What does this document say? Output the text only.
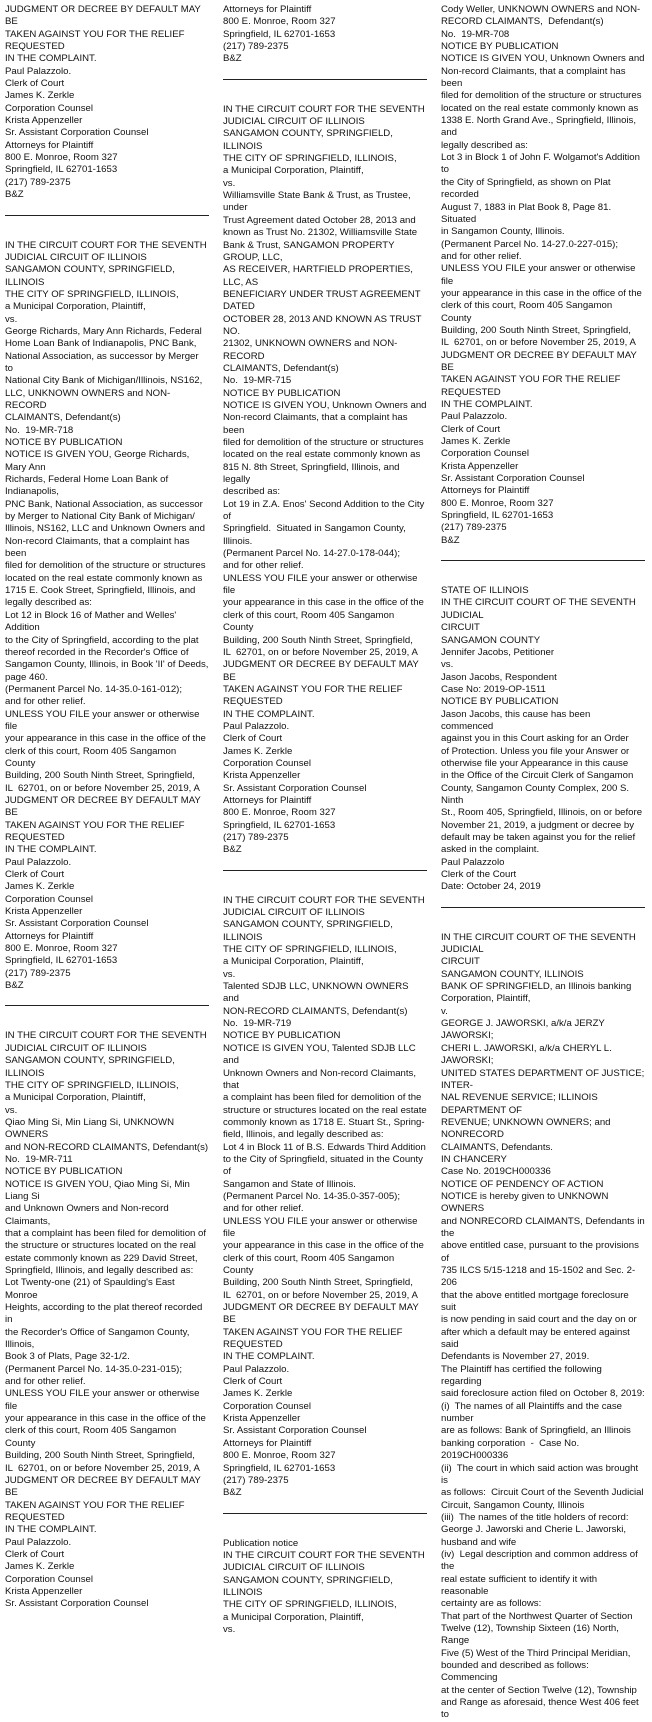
JUDGMENT OR DECREE BY DEFAULT MAY BE

TAKEN AGAINST YOU FOR THE RELIEF REQUESTED

IN THE COMPLAINT.

Paul Palazzolo.

Clerk of Court

James K. Zerkle

Corporation Counsel

Krista Appenzeller

Sr. Assistant Corporation Counsel

Attorneys for Plaintiff

800 E. Monroe, Room 327

Springfield, IL 62701-1653

(217) 789-2375

B&Z

IN THE CIRCUIT COURT FOR THE SEVENTH

JUDICIAL CIRCUIT OF ILLINOIS

SANGAMON COUNTY, SPRINGFIELD, ILLINOIS

THE CITY OF SPRINGFIELD, ILLINOIS,

a Municipal Corporation, Plaintiff,

vs.

George Richards, Mary Ann Richards, Federal

Home Loan Bank of Indianapolis, PNC Bank,

National Association, as successor by Merger to

National City Bank of Michigan/Illinois, NS162,

LLC, UNKNOWN OWNERS and NON-RECORD

CLAIMANTS, Defendant(s)

No.  19-MR-718

NOTICE BY PUBLICATION

NOTICE IS GIVEN YOU, George Richards, Mary Ann

Richards, Federal Home Loan Bank of Indianapolis,

PNC Bank, National Association, as successor

by Merger to National City Bank of Michigan/

Illinois, NS162, LLC and Unknown Owners and

Non-record Claimants, that a complaint has been

filed for demolition of the structure or structures

located on the real estate commonly known as

1715 E. Cook Street, Springfield, Illinois, and

legally described as:

Lot 12 in Block 16 of Mather and Welles' Addition

to the City of Springfield, according to the plat

thereof recorded in the Recorder's Office of

Sangamon County, Illinois, in Book 'II' of Deeds,

page 460.

(Permanent Parcel No. 14-35.0-161-012);

and for other relief.

UNLESS YOU FILE your answer or otherwise file

your appearance in this case in the office of the

clerk of this court, Room 405 Sangamon County

Building, 200 South Ninth Street, Springfield,

IL  62701, on or before November 25, 2019, A

JUDGMENT OR DECREE BY DEFAULT MAY BE

TAKEN AGAINST YOU FOR THE RELIEF REQUESTED

IN THE COMPLAINT.

Paul Palazzolo.

Clerk of Court

James K. Zerkle

Corporation Counsel

Krista Appenzeller

Sr. Assistant Corporation Counsel

Attorneys for Plaintiff

800 E. Monroe, Room 327

Springfield, IL 62701-1653

(217) 789-2375

B&Z

IN THE CIRCUIT COURT FOR THE SEVENTH

JUDICIAL CIRCUIT OF ILLINOIS

SANGAMON COUNTY, SPRINGFIELD, ILLINOIS

THE CITY OF SPRINGFIELD, ILLINOIS,

a Municipal Corporation, Plaintiff,

vs.

Qiao Ming Si, Min Liang Si, UNKNOWN OWNERS

and NON-RECORD CLAIMANTS, Defendant(s)

No.  19-MR-711

NOTICE BY PUBLICATION

NOTICE IS GIVEN YOU, Qiao Ming Si, Min Liang Si

and Unknown Owners and Non-record Claimants,

that a complaint has been filed for demolition of

the structure or structures located on the real

estate commonly known as 229 David Street,

Springfield, Illinois, and legally described as:

Lot Twenty-one (21) of Spaulding's East Monroe

Heights, according to the plat thereof recorded in

the Recorder's Office of Sangamon County, Illinois,

Book 3 of Plats, Page 32-1/2.

(Permanent Parcel No. 14-35.0-231-015);

and for other relief.

UNLESS YOU FILE your answer or otherwise file

your appearance in this case in the office of the

clerk of this court, Room 405 Sangamon County

Building, 200 South Ninth Street, Springfield,

IL  62701, on or before November 25, 2019, A

JUDGMENT OR DECREE BY DEFAULT MAY BE

TAKEN AGAINST YOU FOR THE RELIEF REQUESTED

IN THE COMPLAINT.

Paul Palazzolo.

Clerk of Court

James K. Zerkle

Corporation Counsel

Krista Appenzeller

Sr. Assistant Corporation Counsel

Attorneys for Plaintiff

800 E. Monroe, Room 327

Springfield, IL 62701-1653

(217) 789-2375

B&Z

IN THE CIRCUIT COURT FOR THE SEVENTH

JUDICIAL CIRCUIT OF ILLINOIS

SANGAMON COUNTY, SPRINGFIELD, ILLINOIS

THE CITY OF SPRINGFIELD, ILLINOIS,

a Municipal Corporation, Plaintiff,

vs.

Williamsville State Bank & Trust, as Trustee, under

Trust Agreement dated October 28, 2013 and

known as Trust No. 21302, Williamsville State

Bank & Trust, SANGAMON PROPERTY GROUP, LLC,

AS RECEIVER, HARTFIELD PROPERTIES, LLC, AS

BENEFICIARY UNDER TRUST AGREEMENT DATED

OCTOBER 28, 2013 AND KNOWN AS TRUST NO.

21302, UNKNOWN OWNERS and NON-RECORD

CLAIMANTS, Defendant(s)

No.  19-MR-715

NOTICE BY PUBLICATION

NOTICE IS GIVEN YOU, Unknown Owners and

Non-record Claimants, that a complaint has been

filed for demolition of the structure or structures

located on the real estate commonly known as

815 N. 8th Street, Springfield, Illinois, and legally

described as:

Lot 19 in Z.A. Enos' Second Addition to the City of

Springfield.  Situated in Sangamon County, Illinois.

(Permanent Parcel No. 14-27.0-178-044);

and for other relief.

UNLESS YOU FILE your answer or otherwise file

your appearance in this case in the office of the

clerk of this court, Room 405 Sangamon County

Building, 200 South Ninth Street, Springfield,

IL  62701, on or before November 25, 2019, A

JUDGMENT OR DECREE BY DEFAULT MAY BE

TAKEN AGAINST YOU FOR THE RELIEF REQUESTED

IN THE COMPLAINT.

Paul Palazzolo.

Clerk of Court

James K. Zerkle

Corporation Counsel

Krista Appenzeller

Sr. Assistant Corporation Counsel

Attorneys for Plaintiff

800 E. Monroe, Room 327

Springfield, IL 62701-1653

(217) 789-2375

B&Z

IN THE CIRCUIT COURT FOR THE SEVENTH

JUDICIAL CIRCUIT OF ILLINOIS

SANGAMON COUNTY, SPRINGFIELD, ILLINOIS

THE CITY OF SPRINGFIELD, ILLINOIS,

a Municipal Corporation, Plaintiff,

vs.

Talented SDJB LLC, UNKNOWN OWNERS and

NON-RECORD CLAIMANTS, Defendant(s)

No.  19-MR-719

NOTICE BY PUBLICATION

NOTICE IS GIVEN YOU, Talented SDJB LLC and

Unknown Owners and Non-record Claimants, that

a complaint has been filed for demolition of the

structure or structures located on the real estate

commonly known as 1718 E. Stuart St., Spring-

field, Illinois, and legally described as:

Lot 4 in Block 11 of B.S. Edwards Third Addition

to the City of Springfield, situated in the County of

Sangamon and State of Illinois.

(Permanent Parcel No. 14-35.0-357-005);

and for other relief.

UNLESS YOU FILE your answer or otherwise file

your appearance in this case in the office of the

clerk of this court, Room 405 Sangamon County

Building, 200 South Ninth Street, Springfield,

IL  62701, on or before November 25, 2019, A

JUDGMENT OR DECREE BY DEFAULT MAY BE

TAKEN AGAINST YOU FOR THE RELIEF REQUESTED

IN THE COMPLAINT.

Paul Palazzolo.

Clerk of Court

James K. Zerkle

Corporation Counsel

Krista Appenzeller

Sr. Assistant Corporation Counsel

Attorneys for Plaintiff

800 E. Monroe, Room 327

Springfield, IL 62701-1653

(217) 789-2375

B&Z

Publication notice

IN THE CIRCUIT COURT FOR THE SEVENTH

JUDICIAL CIRCUIT OF ILLINOIS

SANGAMON COUNTY, SPRINGFIELD, ILLINOIS

THE CITY OF SPRINGFIELD, ILLINOIS,

a Municipal Corporation, Plaintiff,

vs.

Cody Weller, UNKNOWN OWNERS and NON-

RECORD CLAIMANTS,  Defendant(s)

No.  19-MR-708

NOTICE BY PUBLICATION

NOTICE IS GIVEN YOU, Unknown Owners and

Non-record Claimants, that a complaint has been

filed for demolition of the structure or structures

located on the real estate commonly known as

1338 E. North Grand Ave., Springfield, Illinois, and

legally described as:

Lot 3 in Block 1 of John F. Wolgamot's Addition to

the City of Springfield, as shown on Plat recorded

August 7, 1883 in Plat Book 8, Page 81.  Situated

in Sangamon County, Illinois.

(Permanent Parcel No. 14-27.0-227-015);

and for other relief.

UNLESS YOU FILE your answer or otherwise file

your appearance in this case in the office of the

clerk of this court, Room 405 Sangamon County

Building, 200 South Ninth Street, Springfield,

IL  62701, on or before November 25, 2019, A

JUDGMENT OR DECREE BY DEFAULT MAY BE

TAKEN AGAINST YOU FOR THE RELIEF REQUESTED

IN THE COMPLAINT.

Paul Palazzolo.

Clerk of Court

James K. Zerkle

Corporation Counsel

Krista Appenzeller

Sr. Assistant Corporation Counsel

Attorneys for Plaintiff

800 E. Monroe, Room 327

Springfield, IL 62701-1653

(217) 789-2375

B&Z

STATE OF ILLINOIS

IN THE CIRCUIT COURT OF THE SEVENTH JUDICIAL

CIRCUIT

SANGAMON COUNTY

Jennifer Jacobs, Petitioner

vs.

Jason Jacobs, Respondent

Case No: 2019-OP-1511

NOTICE BY PUBLICATION

Jason Jacobs, this cause has been commenced

against you in this Court asking for an Order

of Protection. Unless you file your Answer or

otherwise file your Appearance in this cause

in the Office of the Circuit Clerk of Sangamon

County, Sangamon County Complex, 200 S. Ninth

St., Room 405, Springfield, Illinois, on or before

November 21, 2019, a judgment or decree by

default may be taken against you for the relief

asked in the complaint.

Paul Palazzolo

Clerk of the Court

Date: October 24, 2019

IN THE CIRCUIT COURT OF THE SEVENTH JUDICIAL

CIRCUIT

SANGAMON COUNTY, ILLINOIS

BANK OF SPRINGFIELD, an Illinois banking

Corporation, Plaintiff,

v.

GEORGE J. JAWORSKI, a/k/a JERZY JAWORSKI;

CHERI L. JAWORSKI, a/k/a CHERYL L. JAWORSKI;

UNITED STATES DEPARTMENT OF JUSTICE; INTER-

NAL REVENUE SERVICE; ILLINOIS DEPARTMENT OF

REVENUE; UNKNOWN OWNERS; and NONRECORD

CLAIMANTS, Defendants.

IN CHANCERY

Case No. 2019CH000336

NOTICE OF PENDENCY OF ACTION

NOTICE is hereby given to UNKNOWN OWNERS

and NONRECORD CLAIMANTS, Defendants in the

above entitled case, pursuant to the provisions of

735 ILCS 5/15-1218 and 15-1502 and Sec. 2-206

that the above entitled mortgage foreclosure suit

is now pending in said court and the day on or

after which a default may be entered against said

Defendants is November 27, 2019.

The Plaintiff has certified the following regarding

said foreclosure action filed on October 8, 2019:

(i)  The names of all Plaintiffs and the case number

are as follows: Bank of Springfield, an Illinois

banking corporation  -  Case No. 2019CH000336

(ii)  The court in which said action was brought is

as follows:  Circuit Court of the Seventh Judicial

Circuit, Sangamon County, Illinois

(iii)  The names of the title holders of record:

George J. Jaworski and Cherie L. Jaworski,

husband and wife

(iv)  Legal description and common address of the

real estate sufficient to identify it with reasonable

certainty are as follows:

That part of the Northwest Quarter of Section

Twelve (12), Township Sixteen (16) North, Range

Five (5) West of the Third Principal Meridian,

bounded and described as follows: Commencing

at the center of Section Twelve (12), Township

and Range as aforesaid, thence West 406 feet to
